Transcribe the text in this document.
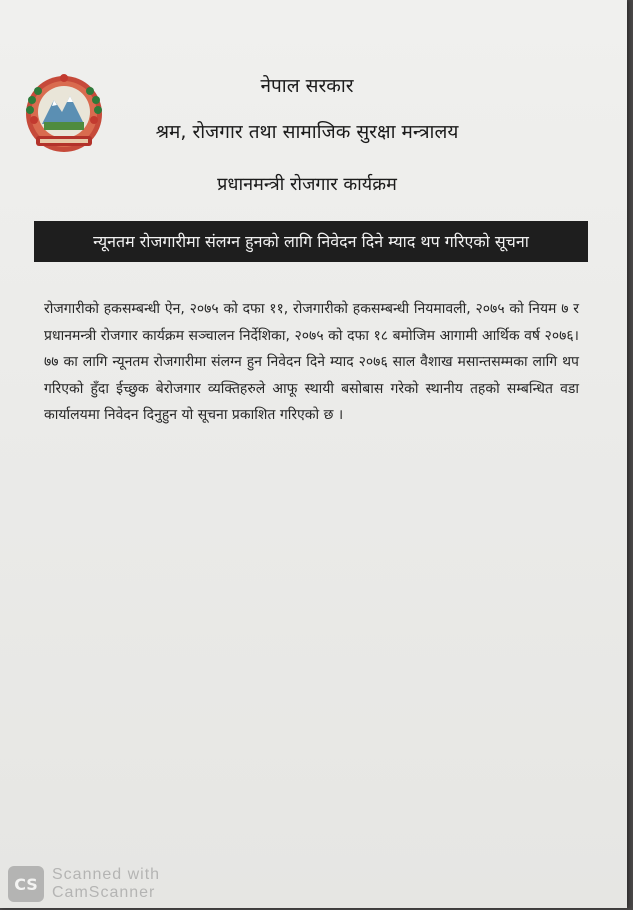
नेपाल सरकार
श्रम, रोजगार तथा सामाजिक सुरक्षा मन्त्रालय
प्रधानमन्त्री रोजगार कार्यक्रम
न्यूनतम रोजगारीमा संलग्न हुनको लागि निवेदन दिने म्याद थप गरिएको सूचना
रोजगारीको हकसम्बन्धी ऐन, २०७५ को दफा ११, रोजगारीको हकसम्बन्धी नियमावली, २०७५ को नियम ७ र प्रधानमन्त्री रोजगार कार्यक्रम सञ्चालन निर्देशिका, २०७५ को दफा १८ बमोजिम आगामी आर्थिक वर्ष २०७६।७७ का लागि न्यूनतम रोजगारीमा संलग्न हुन निवेदन दिने म्याद २०७६ साल वैशाख मसान्तसम्मका लागि थप गरिएको हुँदा ईच्छुक बेरोजगार व्यक्तिहरुले आफू स्थायी बसोबास गरेको स्थानीय तहको सम्बन्धित वडा कार्यालयमा निवेदन दिनुहुन यो सूचना प्रकाशित गरिएको छ ।
CS Scanned with
CamScanner
